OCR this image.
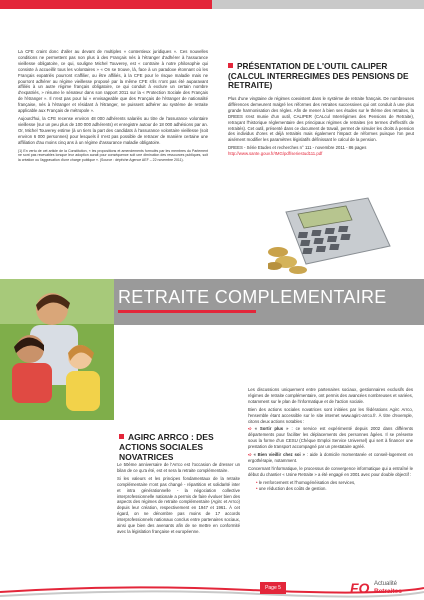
La CFE craint donc d'aller au devant de multiples « contentieux juridiques ». Ces nouvelles conditions ne permettent pas non plus à des Français nés à l'étranger d'adhérer à l'assurance vieillesse obligatoire, ce qui, souligne Michel Touverey, est « contraire à notre philosophie qui consiste à accueillir tous les volontaires » « On se trouve, là, face à un paradoxe étonnant où les Français expatriés pourront s'affilier, ou être affiliés, à la CFE pour le risque maladie mais ne pourront adhérer au régime vieillesse proposé par la même CFE s'ils n'ont pas été auparavant affiliés à un autre régime français obligatoire, ce qui conduit à exclure un certain nombre d'expatriés, » résume le sénateur dans son rapport 2011 sur la « Protection Sociale des Français de l'étranger ». Il n'est pas pour lui « envisageable que des Français de l'étranger de nationalité française, nés à l'étranger et résidant à l'étranger, ne puissent adhérer au système de retraite applicable aux Français de métropole ».

Aujourd'hui, la CFE recense environ 48 000 adhérents salariés au titre de l'assurance volontaire vieillesse (sur un peu plus de 100 000 adhérents) et enregistre autour de 18 000 adhésions par an. Or, Michel Touverey estime (à un tiers la part des candidats à l'assurance volontaire vieillesse (soit environ 6 000 personnes) pour lesquels il n'est pas possible de retracer de manière certaine une affiliation d'au moins cinq ans à un régime d'assurance maladie obligatoire.

(1) En vertu de cet article de la Constitution, « les propositions et amendements formulés par les membres du Parlement ne sont pas recevables lorsque leur adoption aurait pour conséquence soit une diminution des ressources publiques, soit la création ou l'aggravation d'une charge publique ». (Source : dépêche Agence AEF – 22 novembre 2011).
PRÉSENTATION DE L'OUTIL CALIPER (CALCUL INTERREGIMES DES PENSIONS DE RETRAITE)

Plus d'une vingtaine de régimes coexistent dans le système de retraite français. De nombreuses différences demeurent malgré les réformes des retraites successives qui ont conduit à une plus grande harmonisation des règles. Afin de mener à bien ses études sur le thème des retraites, la DREES s'est munie d'un outil, CALIPER (CALcul Interrégimes des Pensions de Retraite), retraçant l'historique réglementaire des principaux régimes de retraites (en termes d'effectifs de retraités). Cet outil, présenté dans ce document de travail, permet de simuler les droits à pension des individus d'ores et déjà retraités mais également l'impact de réformes puisque l'on peut aisément modifier les paramètres législatifs définissant le calcul de la pension.

DREES - Série Etudes et recherches n° 111 - novembre 2011 - 86 pages

http://www.sante.gouv.fr/IMG/pdf/seriestud111.pdf

RETRAITE COMPLEMENTAIRE
AGIRC ARRCO : DES ACTIONS SOCIALES NOVATRICES

Le 50ème anniversaire de l'Arrco est l'occasion de dresser un bilan de ce qu'a été, est et sera la retraite complémentaire.

Si les valeurs et les principes fondamentaux de la retraite complémentaire n'ont pas changé - répartition et solidarité inter et intra générationnelle - la négociation collective interprofessionnelle nationale a permis de faire évoluer bien des aspects des régimes de retraite complémentaire (Agirc et Arrco) depuis leur création, respectivement en 1947 et 1961. À cet égard, on ne dénombre pas moins de 17 accords interprofessionnels nationaux conclus entre partenaires sociaux, ainsi que bien des avenants afin de se mettre en conformité avec la législation française et européenne.

Les discussions uniquement entre partenaires sociaux, gestionnaires exclusifs des régimes de retraite complémentaire, ont permis des avancées nombreuses et variées, notamment sur le plan de l'informatique et de l'action sociale.

Bien des actions sociales novatrices sont initiées par les fédérations Agirc Arrco, l'ensemble étant accessible sur le site internet www.agirc-arrco.fr. À titre d'exemple, citons deux actions notables :

➪ « Sortir plus » : ce service est expérimenté depuis 2002 dans différents départements pour faciliter les déplacements des personnes âgées. Il se présente sous la forme d'un CESU (Chèque Emploi Service Universel) qui sert à financer une prestation de transport accompagné par un prestataire agréé.

➪ « Bien vieillir chez soi » : aide à domicile momentanée et conseil-logement en ergothérapie, notamment.

Concernant l'informatique, le processus de convergence informatique qui a entraîné le début du chantier « Usine Retraite » a été engagé en 2001 avec pour double objectif :

• le renforcement et l'homogénéisation des services,

• une réduction des coûts de gestion.

Page 5	FO Actualité
Retraites
